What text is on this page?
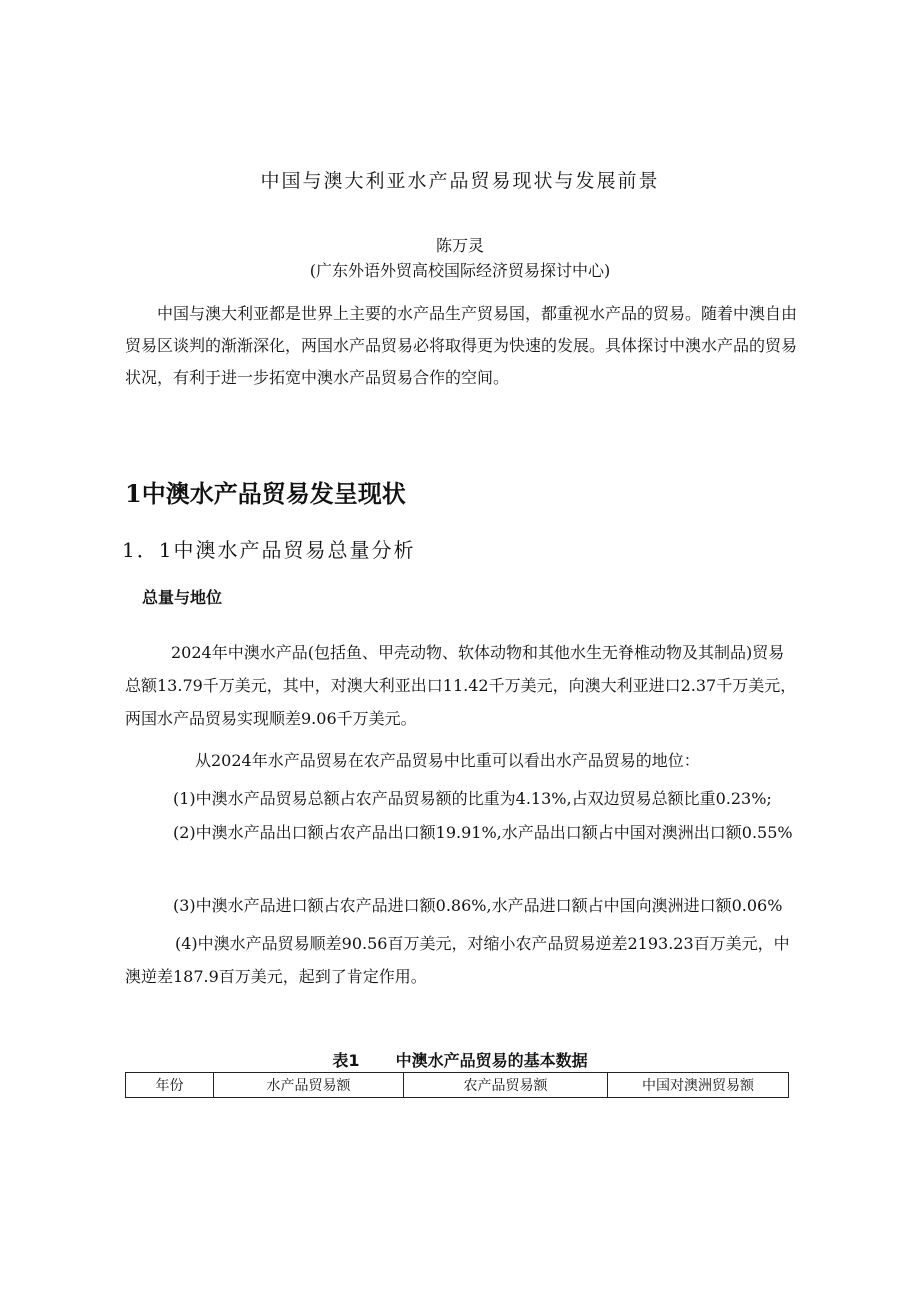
中国与澳大利亚水产品贸易现状与发展前景
陈万灵
(广东外语外贸高校国际经济贸易探讨中心)

中国与澳大利亚都是世界上主要的水产品生产贸易国，都重视水产品的贸易。随着中澳自由贸易区谈判的渐渐深化，两国水产品贸易必将取得更为快速的发展。具体探讨中澳水产品的贸易状况，有利于进一步拓宽中澳水产品贸易合作的空间。

1中澳水产品贸易发呈现状
1．1中澳水产品贸易总量分析
总量与地位

2024年中澳水产品(包括鱼、甲壳动物、软体动物和其他水生无脊椎动物及其制品)贸易总额13.79千万美元，其中，对澳大利亚出口11.42千万美元，向澳大利亚进口2.37千万美元，两国水产品贸易实现顺差9.06千万美元。

从2024年水产品贸易在农产品贸易中比重可以看出水产品贸易的地位：

(1)中澳水产品贸易总额占农产品贸易额的比重为4.13%,占双边贸易总额比重0.23%;

(2)中澳水产品出口额占农产品出口额19.91%,水产品出口额占中国对澳洲出口额0.55%

(3)中澳水产品进口额占农产品进口额0.86%,水产品进口额占中国向澳洲进口额0.06%

(4)中澳水产品贸易顺差90.56百万美元，对缩小农产品贸易逆差2193.23百万美元，中澳逆差187.9百万美元，起到了肯定作用。

表1 中澳水产品贸易的基本数据
年份	水产品贸易额	农产品贸易额	中国对澳洲贸易额
